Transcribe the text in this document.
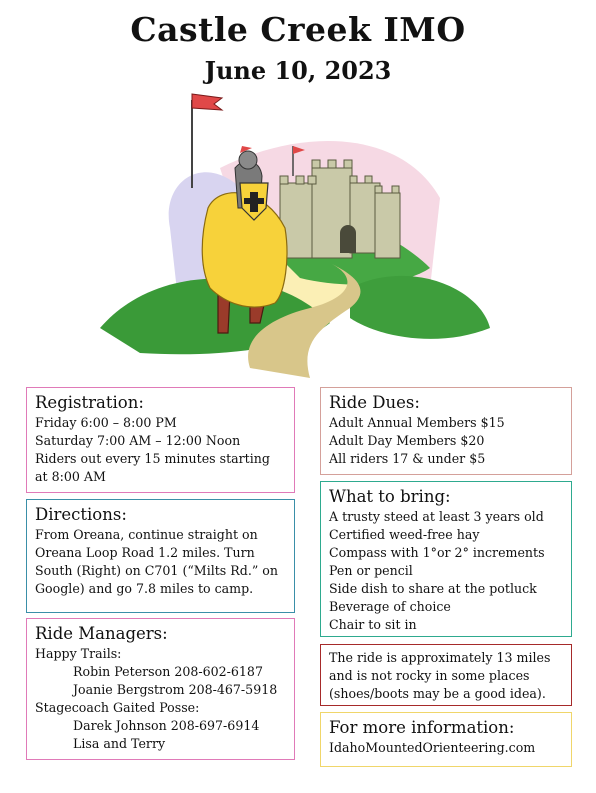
Castle Creek IMO
June 10, 2023
Registration:
Friday 6:00 – 8:00 PM
Saturday 7:00 AM – 12:00 Noon
Riders out every 15 minutes starting
at 8:00 AM
Directions:
From Oreana, continue straight on
Oreana Loop Road 1.2 miles. Turn
South (Right) on C701 (“Milts Rd.” on
Google) and go 7.8 miles to camp.
Ride Managers:
Happy Trails:
Robin Peterson 208-602-6187
Joanie Bergstrom 208-467-5918
Stagecoach Gaited Posse:
Darek Johnson 208-697-6914
Lisa and Terry
Ride Dues:
Adult Annual Members $15
Adult Day Members $20
All riders 17 & under $5
What to bring:
A trusty steed at least 3 years old
Certified weed-free hay
Compass with 1°or 2° increments
Pen or pencil
Side dish to share at the potluck
Beverage of choice
Chair to sit in
The ride is approximately 13 miles
and is not rocky in some places
(shoes/boots may be a good idea).
For more information:
IdahoMountedOrienteering.com
